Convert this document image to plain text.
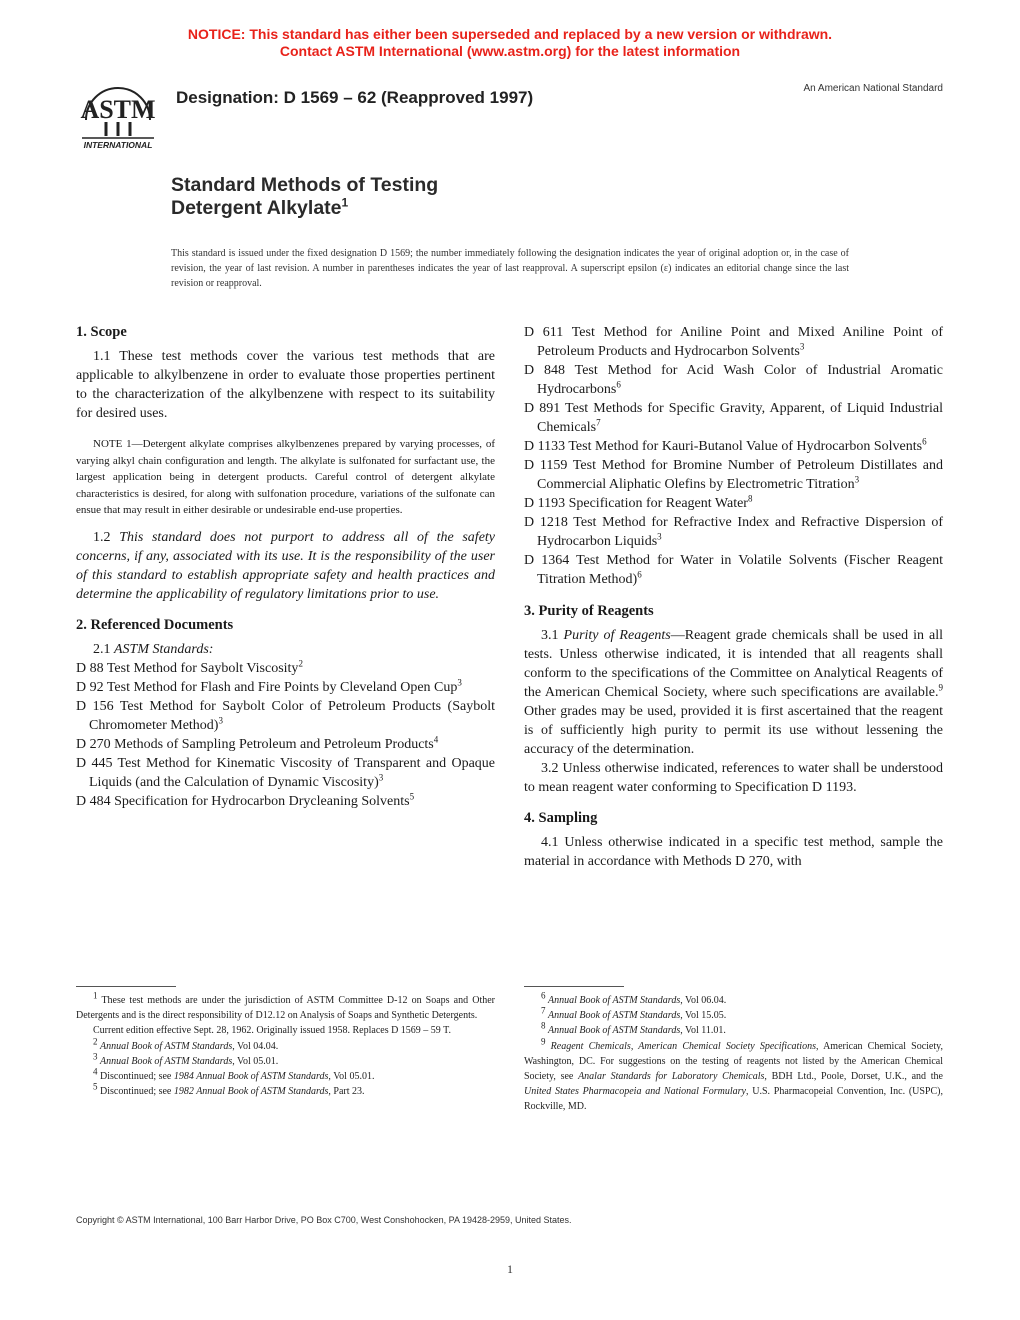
NOTICE: This standard has either been superseded and replaced by a new version or withdrawn.
Contact ASTM International (www.astm.org) for the latest information
ASTM
INTERNATIONAL
Designation: D 1569 – 62 (Reapproved 1997)	An American National Standard
Standard Methods of Testing
Detergent Alkylate$^1$
This standard is issued under the fixed designation D 1569; the number immediately following the designation indicates the year of original adoption or, in the case of revision, the year of last revision. A number in parentheses indicates the year of last reapproval. A superscript epsilon (ε) indicates an editorial change since the last revision or reapproval.
1. Scope

1.1 These test methods cover the various test methods that are applicable to alkylbenzene in order to evaluate those properties pertinent to the characterization of the alkylbenzene with respect to its suitability for desired uses.

NOTE 1—Detergent alkylate comprises alkylbenzenes prepared by varying processes, of varying alkyl chain configuration and length. The alkylate is sulfonated for surfactant use, the largest application being in detergent products. Careful control of detergent alkylate characteristics is desired, for along with sulfonation procedure, variations of the sulfonate can ensue that may result in either desirable or undesirable end-use properties.

1.2 This standard does not purport to address all of the safety concerns, if any, associated with its use. It is the responsibility of the user of this standard to establish appropriate safety and health practices and determine the applicability of regulatory limitations prior to use.

2. Referenced Documents

2.1 ASTM Standards:

D 88 Test Method for Saybolt Viscosity$^2$

D 92 Test Method for Flash and Fire Points by Cleveland Open Cup$^3$

D 156 Test Method for Saybolt Color of Petroleum Products (Saybolt Chromometer Method)$^3$

D 270 Methods of Sampling Petroleum and Petroleum Products$^4$

D 445 Test Method for Kinematic Viscosity of Transparent and Opaque Liquids (and the Calculation of Dynamic Viscosity)$^3$

D 484 Specification for Hydrocarbon Drycleaning Solvents$^5$

D 611 Test Method for Aniline Point and Mixed Aniline Point of Petroleum Products and Hydrocarbon Solvents$^3$

D 848 Test Method for Acid Wash Color of Industrial Aromatic Hydrocarbons$^6$

D 891 Test Methods for Specific Gravity, Apparent, of Liquid Industrial Chemicals$^7$

D 1133 Test Method for Kauri-Butanol Value of Hydrocarbon Solvents$^6$

D 1159 Test Method for Bromine Number of Petroleum Distillates and Commercial Aliphatic Olefins by Electrometric Titration$^3$

D 1193 Specification for Reagent Water$^8$

D 1218 Test Method for Refractive Index and Refractive Dispersion of Hydrocarbon Liquids$^3$

D 1364 Test Method for Water in Volatile Solvents (Fischer Reagent Titration Method)$^6$

3. Purity of Reagents

3.1 Purity of Reagents—Reagent grade chemicals shall be used in all tests. Unless otherwise indicated, it is intended that all reagents shall conform to the specifications of the Committee on Analytical Reagents of the American Chemical Society, where such specifications are available.$^9$ Other grades may be used, provided it is first ascertained that the reagent is of sufficiently high purity to permit its use without lessening the accuracy of the determination.

3.2 Unless otherwise indicated, references to water shall be understood to mean reagent water conforming to Specification D 1193.

4. Sampling

4.1 Unless otherwise indicated in a specific test method, sample the material in accordance with Methods D 270, with

$^1$ These test methods are under the jurisdiction of ASTM Committee D-12 on Soaps and Other Detergents and is the direct responsibility of D12.12 on Analysis of Soaps and Synthetic Detergents.

Current edition effective Sept. 28, 1962. Originally issued 1958. Replaces D 1569 – 59 T.

$^2$ Annual Book of ASTM Standards, Vol 04.04.

$^3$ Annual Book of ASTM Standards, Vol 05.01.

$^4$ Discontinued; see 1984 Annual Book of ASTM Standards, Vol 05.01.

$^5$ Discontinued; see 1982 Annual Book of ASTM Standards, Part 23.

$^6$ Annual Book of ASTM Standards, Vol 06.04.

$^7$ Annual Book of ASTM Standards, Vol 15.05.

$^8$ Annual Book of ASTM Standards, Vol 11.01.

$^9$ Reagent Chemicals, American Chemical Society Specifications, American Chemical Society, Washington, DC. For suggestions on the testing of reagents not listed by the American Chemical Society, see Analar Standards for Laboratory Chemicals, BDH Ltd., Poole, Dorset, U.K., and the United States Pharmacopeia and National Formulary, U.S. Pharmacopeial Convention, Inc. (USPC), Rockville, MD.

Copyright © ASTM International, 100 Barr Harbor Drive, PO Box C700, West Conshohocken, PA 19428-2959, United States.
1
